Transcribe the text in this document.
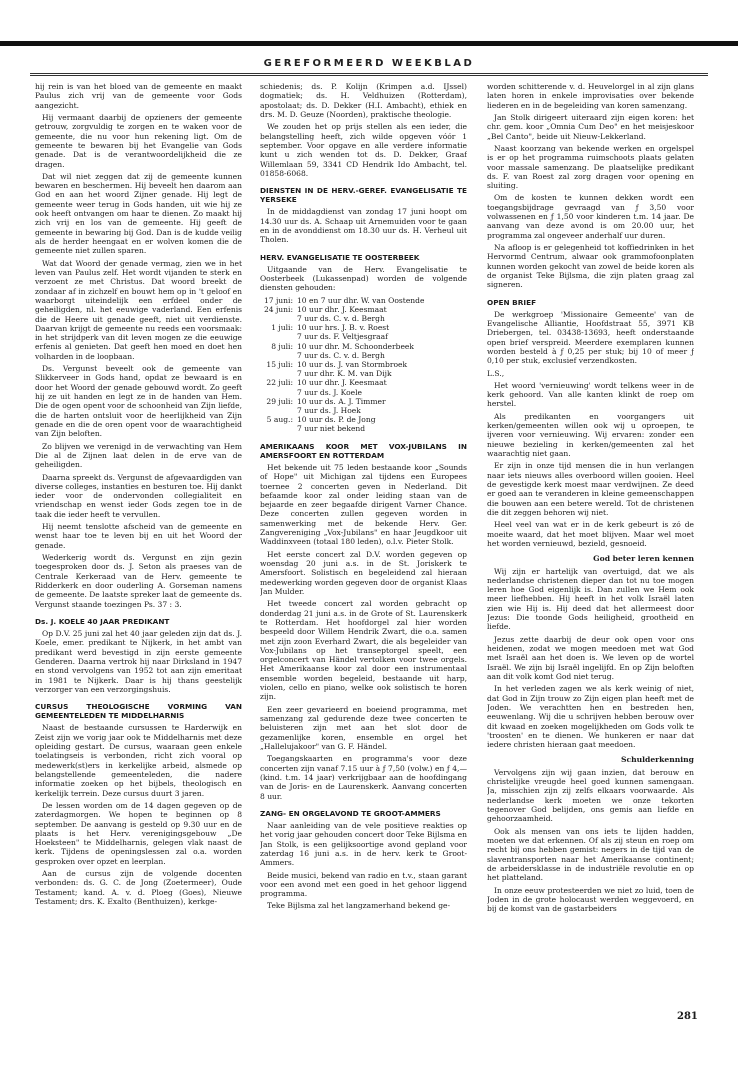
GEREFORMEERD WEEKBLAD

hij rein is van het bloed van de gemeente en maakt Paulus zich vrij van de gemeente voor Gods aangezicht.

Hij vermaant daarbij de opzieners der gemeente getrouw, zorgvuldig te zorgen en te waken voor de gemeente, die nu voor hun rekening ligt. Om de gemeente te bewaren bij het Evangelie van Gods genade. Dat is de verantwoordelijkheid die ze dragen.

Dat wil niet zeggen dat zij de gemeente kunnen bewaren en beschermen. Hij beveelt hen daarom aan God en aan het woord Zijner genade. Hij legt de gemeente weer terug in Gods handen, uit wie hij ze ook heeft ontvangen om haar te dienen. Zo maakt hij zich vrij en los van de gemeente. Hij geeft de gemeente in bewaring bij God. Dan is de kudde veilig als de herder heengaat en er wolven komen die de gemeente niet zullen sparen.

Wat dat Woord der genade vermag, zien we in het leven van Paulus zelf. Het wordt vijanden te sterk en verzoent ze met Christus. Dat woord breekt de zondaar af in zichzelf en bouwt hem op in 't geloof en waarborgt uiteindelijk een erfdeel onder de geheiligden, nl. het eeuwige vaderland. Een erfenis die de Heere uit genade geeft, niet uit verdienste. Daarvan krijgt de gemeente nu reeds een voorsmaak: in het strijdperk van dit leven mogen ze die eeuwige erfenis al genieten. Dat geeft hen moed en doet hen volharden in de loopbaan.

Ds. Vergunst beveelt ook de gemeente van Slikkerveer in Gods hand, opdat ze bewaard is en door het Woord der genade gebouwd wordt. Zo geeft hij ze uit handen en legt ze in de handen van Hem. Die de ogen opent voor de schoonheid van Zijn liefde, die de harten ontsluit voor de heerlijkheid van Zijn genade en die de oren opent voor de waarachtigheid van Zijn beloften.

Zo blijven we verenigd in de verwachting van Hem Die al de Zijnen laat delen in de erve van de geheiligden.

Daarna spreekt ds. Vergunst de afgevaardigden van diverse colleges, instanties en besturen toe. Hij dankt ieder voor de ondervonden collegialiteit en vriendschap en wenst ieder Gods zegen toe in de taak die ieder heeft te vervullen.

Hij neemt tenslotte afscheid van de gemeente en wenst haar toe te leven bij en uit het Woord der genade.

Wederkerig wordt ds. Vergunst en zijn gezin toegesproken door ds. J. Seton als praeses van de Centrale Kerkeraad van de Herv. gemeente te Ridderkerk en door ouderling A. Gorseman namens de gemeente. De laatste spreker laat de gemeente ds. Vergunst staande toezingen Ps. 37 : 3.

Ds. J. KOELE 40 JAAR PREDIKANT

Op D.V. 25 juni zal het 40 jaar geleden zijn dat ds. J. Koele, emer. predikant te Nijkerk, in het ambt van predikant werd bevestigd in zijn eerste gemeente Genderen. Daarna vertrok hij naar Dirksland in 1947 en stond vervolgens van 1952 tot aan zijn emeritaat in 1981 te Nijkerk. Daar is hij thans geestelijk verzorger van een verzorgingshuis.

CURSUS THEOLOGISCHE VORMING VAN GEMEENTELEDEN TE MIDDELHARNIS

Naast de bestaande cursussen te Harderwijk en Zeist zijn we vorig jaar ook te Middelharnis met deze opleiding gestart. De cursus, waaraan geen enkele toelatingseis is verbonden, richt zich vooral op medewerk(st)ers in kerkelijke arbeid, alsmede op belangstellende gemeenteleden, die nadere informatie zoeken op het bijbels, theologisch en kerkelijk terrein. Deze cursus duurt 3 jaren.

De lessen worden om de 14 dagen gegeven op de zaterdagmorgen. We hopen te beginnen op 8 september. De aanvang is gesteld op 9.30 uur en de plaats is het Herv. verenigingsgebouw „De Hoeksteen" te Middelharnis, gelegen vlak naast de kerk. Tijdens de openingslessen zal o.a. worden gesproken over opzet en leerplan.

Aan de cursus zijn de volgende docenten verbonden: ds. G. C. de Jong (Zoetermeer), Oude Testament; kand. A. v. d. Ploeg (Goes), Nieuwe Testament; drs. K. Exalto (Benthuizen), kerkge-

schiedenis; ds. P. Kolijn (Krimpen a.d. IJssel) dogmatiek; ds. H. Veldhuizen (Rotterdam), apostolaat; ds. D. Dekker (H.I. Ambacht), ethiek en drs. M. D. Geuze (Noorden), praktische theologie.

We zouden het op prijs stellen als een ieder, die belangstelling heeft, zich wilde opgeven vóór 1 september. Voor opgave en alle verdere informatie kunt u zich wenden tot ds. D. Dekker, Graaf Willemlaan 59, 3341 CD Hendrik Ido Ambacht, tel. 01858-6068.

DIENSTEN IN DE HERV.-GEREF. EVANGELISATIE TE YERSEKE

In de middagdienst van zondag 17 juni hoopt om 14.30 uur ds. A. Schaap uit Arnemuiden voor te gaan en in de avonddienst om 18.30 uur ds. H. Verheul uit Tholen.

HERV. EVANGELISATIE TE OOSTERBEEK

Uitgaande van de Herv. Evangelisatie te Oosterbeek (Lukassenpad) worden de volgende diensten gehouden:

17 juni:	10 en 7 uur dhr. W. van Oostende

24 juni:	10 uur dhr. J. Keesmaat
7 uur ds. C. v. d. Bergh

1 juli:	10 uur hrs. J. B. v. Roest
7 uur ds. F. Veltjesgraaf

8 juli:	10 uur dhr. M. Schoonderbeek
7 uur ds. C. v. d. Bergh

15 juli:	10 uur ds. J. van Stormbroek
7 uur dhr. K. M. van Dijk

22 juli:	10 uur dhr. J. Keesmaat
7 uur ds. J. Koele

29 juli:	10 uur ds. A. J. Timmer
7 uur ds. J. Hoek

5 aug.:	10 uur ds. P. de Jong
7 uur niet bekend
AMERIKAANS KOOR MET VOX-JUBILANS IN AMERSFOORT EN ROTTERDAM

Het bekende uit 75 leden bestaande koor „Sounds of Hope" uit Michigan zal tijdens een Europees toernee 2 concerten geven in Nederland. Dit befaamde koor zal onder leiding staan van de bejaarde en zeer begaafde dirigent Varner Chance. Deze concerten zullen gegeven worden in samenwerking met de bekende Herv. Ger. Zangvereniging „Vox-Jubilans" en haar Jeugdkoor uit Waddinxveen (totaal 180 leden), o.l.v. Pieter Stolk.

Het eerste concert zal D.V. worden gegeven op woensdag 20 juni a.s. in de St. Joriskerk te Amersfoort. Solistisch en begeleidend zal hieraan medewerking worden gegeven door de organist Klaas Jan Mulder.

Het tweede concert zal worden gebracht op donderdag 21 juni a.s. in de Grote of St. Laurenskerk te Rotterdam. Het hoofdorgel zal hier worden bespeeld door Willem Hendrik Zwart, die o.a. samen met zijn zoon Everhard Zwart, die als begeleider van Vox-Jubilans op het transeptorgel speelt, een orgelconcert van Händel vertolken voor twee orgels. Het Amerikaanse koor zal door een instrumentaal ensemble worden begeleid, bestaande uit harp, violen, cello en piano, welke ook solistisch te horen zijn.

Een zeer gevarieerd en boeiend programma, met samenzang zal gedurende deze twee concerten te beluisteren zijn met aan het slot door de gezamenlijke koren, ensemble en orgel het „Hallelujakoor" van G. F. Händel.

Toegangskaarten en programma's voor deze concerten zijn vanaf 7.15 uur à ƒ 7,50 (volw.) en ƒ 4,— (kind. t.m. 14 jaar) verkrijgbaar aan de hoofdingang van de Joris- en de Laurenskerk. Aanvang concerten 8 uur.

ZANG- EN ORGELAVOND TE GROOT-AMMERS

Naar aanleiding van de vele positieve reakties op het vorig jaar gehouden concert door Teke Bijlsma en Jan Stolk, is een gelijksoortige avond gepland voor zaterdag 16 juni a.s. in de herv. kerk te Groot-Ammers.

Beide musici, bekend van radio en t.v., staan garant voor een avond met een goed in het gehoor liggend programma.

Teke Bijlsma zal het langzamerhand bekend ge-

worden schitterende v. d. Heuvelorgel in al zijn glans laten horen in enkele improvisaties over bekende liederen en in de begeleiding van koren samenzang.

Jan Stolk dirigeert uiteraard zijn eigen koren: het chr. gem. koor „Omnia Cum Deo" en het meisjeskoor „Bel Canto", beide uit Nieuw-Lekkerland.

Naast koorzang van bekende werken en orgelspel is er op het programma ruimschoots plaats gelaten voor massale samenzang. De plaatselijke predikant ds. F. van Roest zal zorg dragen voor opening en sluiting.

Om de kosten te kunnen dekken wordt een toegangsbijdrage gevraagd van ƒ 3,50 voor volwassenen en ƒ 1,50 voor kinderen t.m. 14 jaar. De aanvang van deze avond is om 20.00 uur, het programma zal ongeveer anderhalf uur duren.

Na afloop is er gelegenheid tot koffiedrinken in het Hervormd Centrum, alwaar ook grammofoonplaten kunnen worden gekocht van zowel de beide koren als de organist Teke Bijlsma, die zijn platen graag zal signeren.

OPEN BRIEF

De werkgroep 'Missionaire Gemeente' van de Evangelische Alliantie, Hoofdstraat 55, 3971 KB Driebergen, tel. 03438-13693, heeft onderstaande open brief verspreid. Meerdere exemplaren kunnen worden besteld à ƒ 0,25 per stuk; bij 10 of meer ƒ 0,10 per stuk, exclusief verzendkosten.

L.S.,

Het woord 'vernieuwing' wordt telkens weer in de kerk gehoord. Van alle kanten klinkt de roep om herstel.

Als predikanten en voorgangers uit kerken/gemeenten willen ook wij u oproepen, te ijveren voor vernieuwing. Wij ervaren: zonder een nieuwe bezieling in kerken/gemeenten zal het waarachtig niet gaan.

Er zijn in onze tijd mensen die in hun verlangen naar iets nieuws alles overboord willen gooien. Heel de gevestigde kerk moest maar verdwijnen. Ze deed er goed aan te veranderen in kleine gemeenschappen die bouwen aan een betere wereld. Tot de christenen die dit zeggen behoren wij niet.

Heel veel van wat er in de kerk gebeurt is zó de moeite waard, dat het moet blijven. Maar wel moet het worden vernieuwd, bezield, gesnoeid.

God beter leren kennen

Wij zijn er hartelijk van overtuigd, dat we als nederlandse christenen dieper dan tot nu toe mogen leren hoe God eigenlijk is. Dan zullen we Hem ook meer liefhebben. Hij heeft in het volk Israël laten zien wie Hij is. Hij deed dat het allermeest door Jezus: Die toonde Gods heiligheid, grootheid en liefde.

Jezus zette daarbij de deur ook open voor ons heidenen, zodat we mogen meedoen met wat God met Israël aan het doen is. We leven op de wortel Israël. We zijn bij Israël ingelijfd. En op Zijn beloften aan dit volk komt God niet terug.

In het verleden zagen we als kerk weinig of niet, dat God in Zijn trouw zo Zijn eigen plan heeft met de Joden. We verachtten hen en bestreden hen, eeuwenlang. Wij die u schrijven hebben berouw over dit kwaad en zoeken mogelijkheden om Gods volk te 'troosten' en te dienen. We hunkeren er naar dat iedere christen hieraan gaat meedoen.

Schulderkenning

Vervolgens zijn wij gaan inzien, dat berouw en christelijke vreugde heel goed kunnen samengaan. Ja, misschien zijn zij zelfs elkaars voorwaarde. Als nederlandse kerk moeten we onze tekorten tegenover God belijden, ons gemis aan liefde en gehoorzaamheid.

Ook als mensen van ons iets te lijden hadden, moeten we dat erkennen. Of als zij steun en roep om recht bij ons hebben gemist: negers in de tijd van de slaventransporten naar het Amerikaanse continent; de arbeidersklasse in de industriële revolutie en op het platteland.

In onze eeuw protesteerden we niet zo luid, toen de Joden in de grote holocaust werden weggevoerd, en bij de komst van de gastarbeiders

281
